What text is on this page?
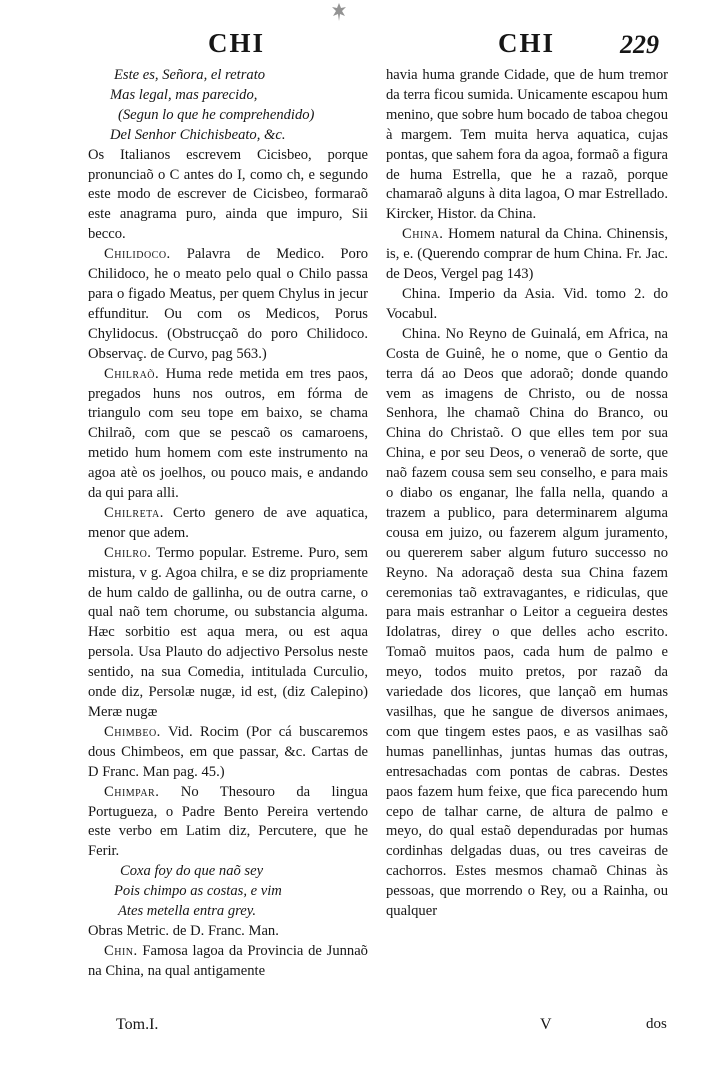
CHI	CHI 229

Este es, Señora, el retrato

Mas legal, mas parecido,

(Segun lo que he comprehendido)

Del Senhor Chichisbeato, &c.

Os Italianos escrevem Cicisbeo, porque pronunciaõ o C antes do I, como ch, e segundo este modo de escrever de Cicisbeo, formaraõ este anagrama puro, ainda que impuro, Sii becco.

Chilidoco. Palavra de Medico. Poro Chilidoco, he o meato pelo qual o Chilo passa para o figado Meatus, per quem Chylus in jecur effunditur. Ou com os Medicos, Porus Chylidocus. (Obstrucçaõ do poro Chilidoco. Observaç. de Curvo, pag 563.)

Chilraõ. Huma rede metida em tres paos, pregados huns nos outros, em fórma de triangulo com seu tope em baixo, se chama Chilraõ, com que se pescaõ os camaroens, metido hum homem com este instrumento na agoa atè os joelhos, ou pouco mais, e andando da qui para alli.

Chilreta. Certo genero de ave aquatica, menor que adem.

Chilro. Termo popular. Estreme. Puro, sem mistura, v g. Agoa chilra, e se diz propriamente de hum caldo de gallinha, ou de outra carne, o qual naõ tem chorume, ou substancia alguma. Hæc sorbitio est aqua mera, ou est aqua persola. Usa Plauto do adjectivo Persolus neste sentido, na sua Comedia, intitulada Curculio, onde diz, Persolæ nugæ, id est, (diz Calepino) Meræ nugæ

Chimbeo. Vid. Rocim (Por cá buscaremos dous Chimbeos, em que passar, &c. Cartas de D Franc. Man pag. 45.)

Chimpar. No Thesouro da lingua Portugueza, o Padre Bento Pereira vertendo este verbo em Latim diz, Percutere, que he Ferir.

Coxa foy do que naõ sey

Pois chimpo as costas, e vim

Ates metella entra grey.

Obras Metric. de D. Franc. Man.

Chin. Famosa lagoa da Provincia de Junnaõ na China, na qual antigamente

havia huma grande Cidade, que de hum tremor da terra ficou sumida. Unicamente escapou hum menino, que sobre hum bocado de taboa chegou à margem. Tem muita herva aquatica, cujas pontas, que sahem fora da agoa, formaõ a figura de huma Estrella, que he a razaõ, porque chamaraõ alguns à dita lagoa, O mar Estrellado. Kircker, Histor. da China.

China. Homem natural da China. Chinensis, is, e. (Querendo comprar de hum China. Fr. Jac. de Deos, Vergel pag 143)

China. Imperio da Asia. Vid. tomo 2. do Vocabul.

China. No Reyno de Guinalá, em Africa, na Costa de Guinê, he o nome, que o Gentio da terra dá ao Deos que adoraõ; donde quando vem as imagens de Christo, ou de nossa Senhora, lhe chamaõ China do Branco, ou China do Christaõ. O que elles tem por sua China, e por seu Deos, o veneraõ de sorte, que naõ fazem cousa sem seu conselho, e para mais o diabo os enganar, lhe falla nella, quando a trazem a publico, para determinarem alguma cousa em juizo, ou fazerem algum juramento, ou quererem saber algum futuro successo no Reyno. Na adoraçaõ desta sua China fazem ceremonias taõ extravagantes, e ridiculas, que para mais estranhar o Leitor a cegueira destes Idolatras, direy o que delles acho escrito. Tomaõ muitos paos, cada hum de palmo e meyo, todos muito pretos, por razaõ da variedade dos licores, que lançaõ em humas vasilhas, que he sangue de diversos animaes, com que tingem estes paos, e as vasilhas saõ humas panellinhas, juntas humas das outras, entresachadas com pontas de cabras. Destes paos fazem hum feixe, que fica parecendo hum cepo de talhar carne, de altura de palmo e meyo, do qual estaõ dependuradas por humas cordinhas delgadas duas, ou tres caveiras de cachorros. Estes mesmos chamaõ Chinas às pessoas, que morrendo o Rey, ou a Rainha, ou qualquer

Tom.I.	V	dos
